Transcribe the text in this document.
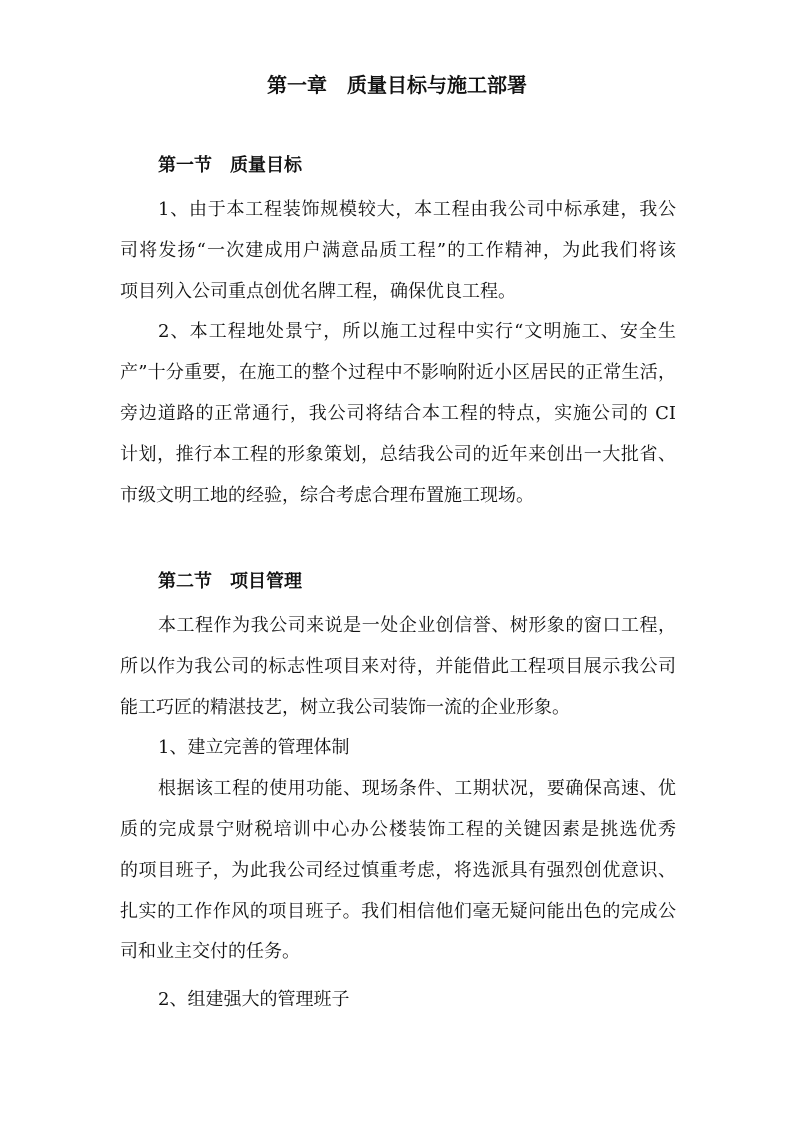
第一章　质量目标与施工部署
第一节　质量目标
1、由于本工程装饰规模较大，本工程由我公司中标承建，我公
司将发扬“一次建成用户满意品质工程”的工作精神，为此我们将该
项目列入公司重点创优名牌工程，确保优良工程。
2、本工程地处景宁，所以施工过程中实行“文明施工、安全生
产”十分重要，在施工的整个过程中不影响附近小区居民的正常生活，
旁边道路的正常通行，我公司将结合本工程的特点，实施公司的 CI
计划，推行本工程的形象策划，总结我公司的近年来创出一大批省、
市级文明工地的经验，综合考虑合理布置施工现场。
第二节　项目管理
本工程作为我公司来说是一处企业创信誉、树形象的窗口工程，
所以作为我公司的标志性项目来对待，并能借此工程项目展示我公司
能工巧匠的精湛技艺，树立我公司装饰一流的企业形象。
1、建立完善的管理体制
根据该工程的使用功能、现场条件、工期状况，要确保高速、优
质的完成景宁财税培训中心办公楼装饰工程的关键因素是挑选优秀
的项目班子，为此我公司经过慎重考虑，将选派具有强烈创优意识、
扎实的工作作风的项目班子。我们相信他们毫无疑问能出色的完成公
司和业主交付的任务。
2、组建强大的管理班子
